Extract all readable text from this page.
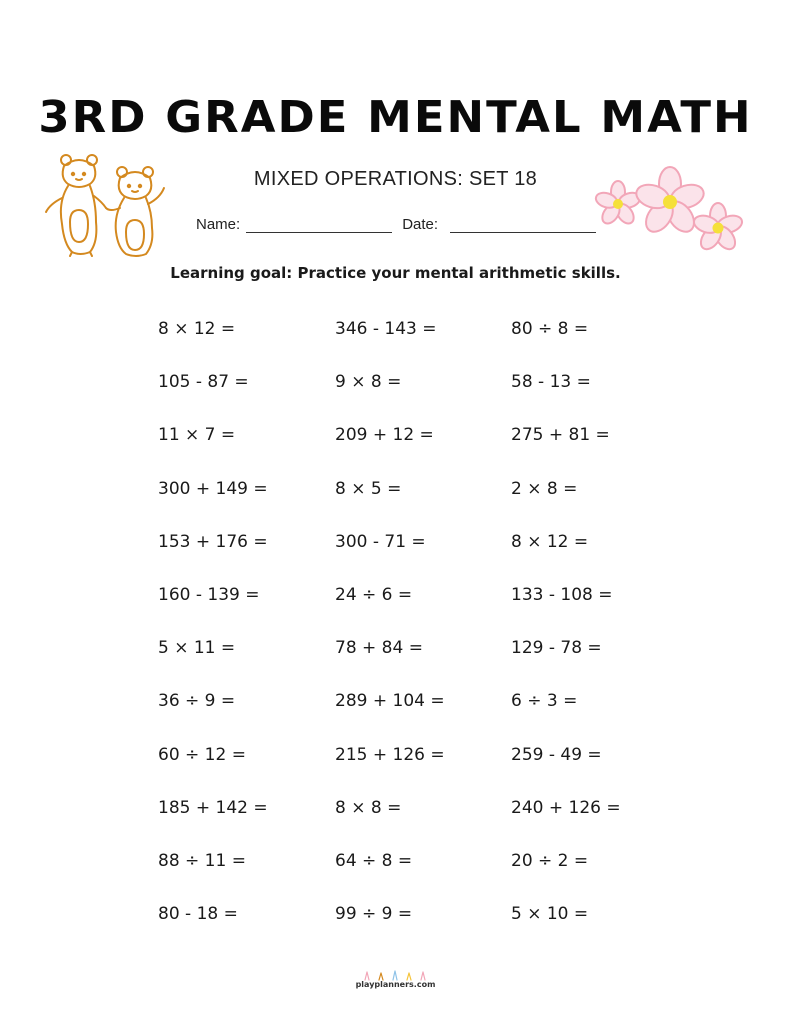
3RD GRADE MENTAL MATH
MIXED OPERATIONS: SET 18
Name:	Date:
Learning goal: Practice your mental arithmetic skills.
8 × 12 =	346 - 143 =	80 ÷ 8 =
105 - 87 =	9 × 8 =	58 - 13 =
11 × 7 =	209 + 12 =	275 + 81 =
300 + 149 =	8 × 5 =	2 × 8 =
153 + 176 =	300 - 71 =	8 × 12 =
160 - 139 =	24 ÷ 6 =	133 - 108 =
5 × 11 =	78 + 84 =	129 - 78 =
36 ÷ 9 =	289 + 104 =	6 ÷ 3 =
60 ÷ 12 =	215 + 126 =	259 - 49 =
185 + 142 =	8 × 8 =	240 + 126 =
88 ÷ 11 =	64 ÷ 8 =	20 ÷ 2 =
80 - 18 =	99 ÷ 9 =	5 × 10 =
playplanners.com
